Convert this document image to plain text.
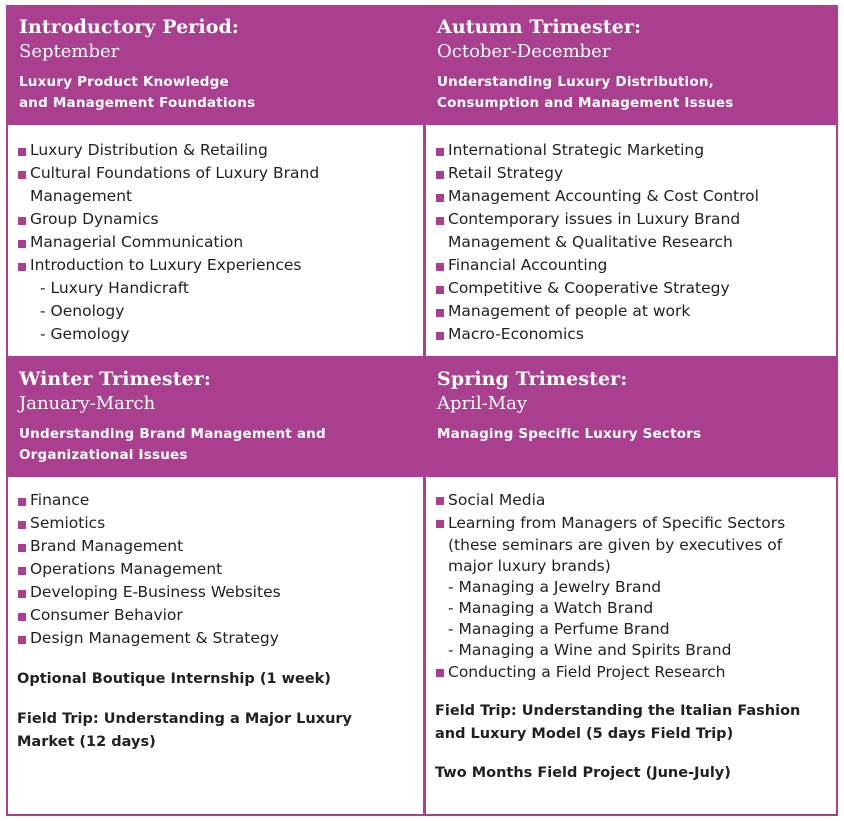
Introductory Period:
September
Luxury Product Knowledge
and Management Foundations
Luxury Distribution & Retailing
Cultural Foundations of Luxury Brand
Management
Group Dynamics
Managerial Communication
Introduction to Luxury Experiences
- Luxury Handicraft
- Oenology
- Gemology
Autumn Trimester:
October-December
Understanding Luxury Distribution,
Consumption and Management Issues
International Strategic Marketing
Retail Strategy
Management Accounting & Cost Control
Contemporary issues in Luxury Brand
Management & Qualitative Research
Financial Accounting
Competitive & Cooperative Strategy
Management of people at work
Macro-Economics
Winter Trimester:
January-March
Understanding Brand Management and
Organizational Issues
Finance
Semiotics
Brand Management
Operations Management
Developing E-Business Websites
Consumer Behavior
Design Management & Strategy

Optional Boutique Internship (1 week)

Field Trip: Understanding a Major Luxury
Market (12 days)

Spring Trimester:
April-May
Managing Specific Luxury Sectors
Social Media
Learning from Managers of Specific Sectors
(these seminars are given by executives of
major luxury brands)
- Managing a Jewelry Brand
- Managing a Watch Brand
- Managing a Perfume Brand
- Managing a Wine and Spirits Brand
Conducting a Field Project Research

Field Trip: Understanding the Italian Fashion
and Luxury Model (5 days Field Trip)

Two Months Field Project (June-July)
